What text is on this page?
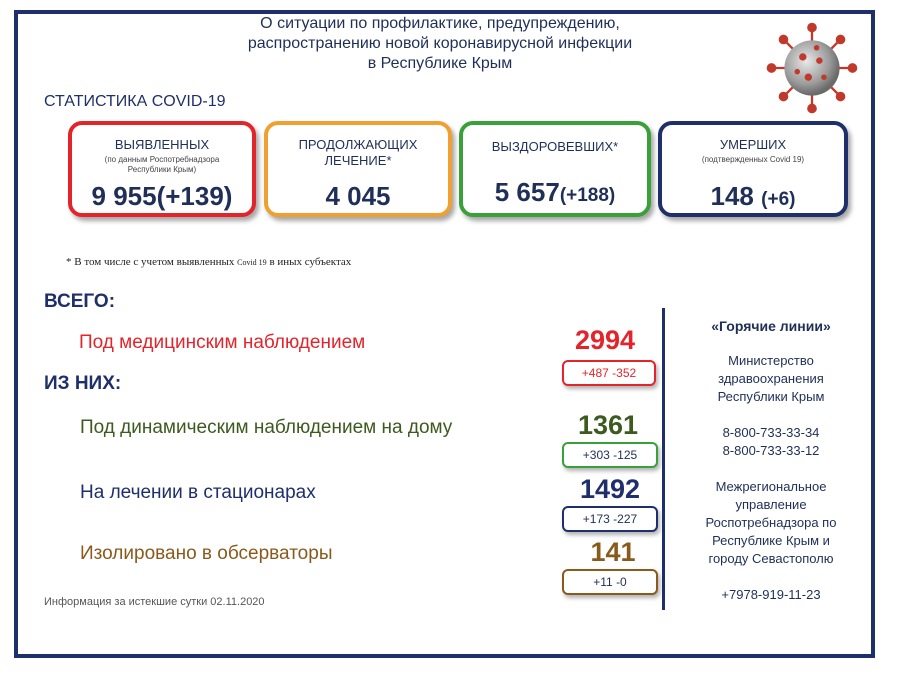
О ситуации по профилактике, предупреждению,
распространению новой коронавирусной инфекции
в Республике Крым
СТАТИСТИКА COVID-19
ВЫЯВЛЕННЫХ
(по данным Роспотребнадзора
Республики Крым)
9 955(+139)
ПРОДОЛЖАЮЩИХ
ЛЕЧЕНИЕ*
4 045
ВЫЗДОРОВЕВШИХ*
5 657(+188)
УМЕРШИХ
(подтвержденных Covid 19)
148 (+6)
* В том числе с учетом выявленных Covid 19 в иных субъектах
ВСЕГО:
ИЗ НИХ:
Под медицинским наблюдением	2994
+487 -352
Под динамическим наблюдением на дому	1361
+303 -125
На лечении в стационарах	1492
+173 -227
Изолировано в обсерваторы	141
+11 -0
«Горячие линии»
Министерство
здравоохранения
Республики Крым
8-800-733-33-34
8-800-733-33-12
Межрегиональное
управление
Роспотребнадзора по
Республике Крым и
городу Севастополю
+7978-919-11-23
Информация за истекшие сутки 02.11.2020
